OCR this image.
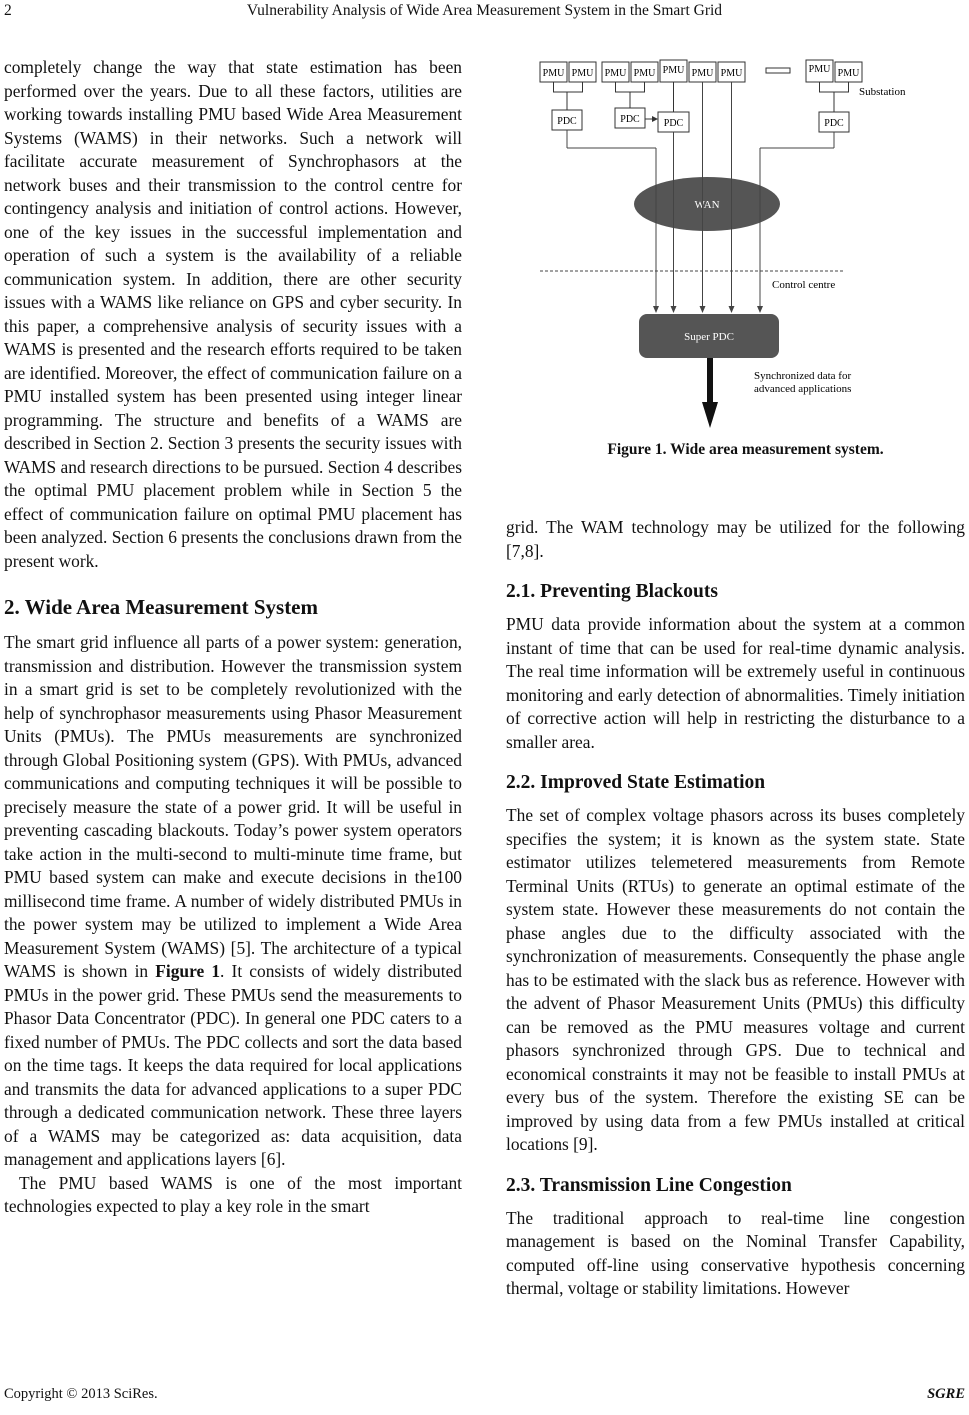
2	Vulnerability Analysis of Wide Area Measurement System in the Smart Grid

completely change the way that state estimation has been performed over the years. Due to all these factors, utilities are working towards installing PMU based Wide Area Measurement Systems (WAMS) in their networks. Such a network will facilitate accurate measurement of Synchrophasors at the network buses and their transmission to the control centre for contingency analysis and initiation of control actions. However, one of the key issues in the successful implementation and operation of such a system is the availability of a reliable communication system. In addition, there are other security issues with a WAMS like reliance on GPS and cyber security. In this paper, a comprehensive analysis of security issues with a WAMS is presented and the research efforts required to be taken are identified. Moreover, the effect of communication failure on a PMU installed system has been presented using integer linear programming. The structure and benefits of a WAMS are described in Section 2. Section 3 presents the security issues with WAMS and research directions to be pursued. Section 4 describes the optimal PMU placement problem while in Section 5 the effect of communication failure on optimal PMU placement has been analyzed. Section 6 presents the conclusions drawn from the present work.

2. Wide Area Measurement System

The smart grid influence all parts of a power system: generation, transmission and distribution. However the transmission system in a smart grid is set to be completely revolutionized with the help of synchrophasor measurements using Phasor Measurement Units (PMUs). The PMUs measurements are synchronized through Global Positioning system (GPS). With PMUs, advanced communications and computing techniques it will be possible to precisely measure the state of a power grid. It will be useful in preventing cascading blackouts. Today’s power system operators take action in the multi-second to multi-minute time frame, but PMU based system can make and execute decisions in the100 millisecond time frame. A number of widely distributed PMUs in the power system may be utilized to implement a Wide Area Measurement System (WAMS) [5]. The architecture of a typical WAMS is shown in Figure 1. It consists of widely distributed PMUs in the power grid. These PMUs send the measurements to Phasor Data Concentrator (PDC). In general one PDC caters to a fixed number of PMUs. The PDC collects and sort the data based on the time tags. It keeps the data required for local applications and transmits the data for advanced applications to a super PDC through a dedicated communication network. These three layers of a WAMS may be categorized as: data acquisition, data management and applications layers [6].

The PMU based WAMS is one of the most important technologies expected to play a key role in the smart

PMU PMU PMU PMU PMU PMU PMU	PMU PMU
Substation
PDC	PDC PDC	PDC
WAN
Control centre
Super PDC
Synchronized data for
advanced applications
Figure 1. Wide area measurement system.

grid. The WAM technology may be utilized for the following [7,8].

2.1. Preventing Blackouts

PMU data provide information about the system at a common instant of time that can be used for real-time dynamic analysis. The real time information will be extremely useful in continuous monitoring and early detection of abnormalities. Timely initiation of corrective action will help in restricting the disturbance to a smaller area.

2.2. Improved State Estimation

The set of complex voltage phasors across its buses completely specifies the system; it is known as the system state. State estimator utilizes telemetered measurements from Remote Terminal Units (RTUs) to generate an optimal estimate of the system state. However these measurements do not contain the phase angles due to the difficulty associated with the synchronization of measurements. Consequently the phase angle has to be estimated with the slack bus as reference. However with the advent of Phasor Measurement Units (PMUs) this difficulty can be removed as the PMU measures voltage and current phasors synchronized through GPS. Due to technical and economical constraints it may not be feasible to install PMUs at every bus of the system. Therefore the existing SE can be improved by using data from a few PMUs installed at critical locations [9].

2.3. Transmission Line Congestion

The traditional approach to real-time line congestion management is based on the Nominal Transfer Capability, computed off-line using conservative hypothesis concerning thermal, voltage or stability limitations. However

Copyright © 2013 SciRes.	SGRE
